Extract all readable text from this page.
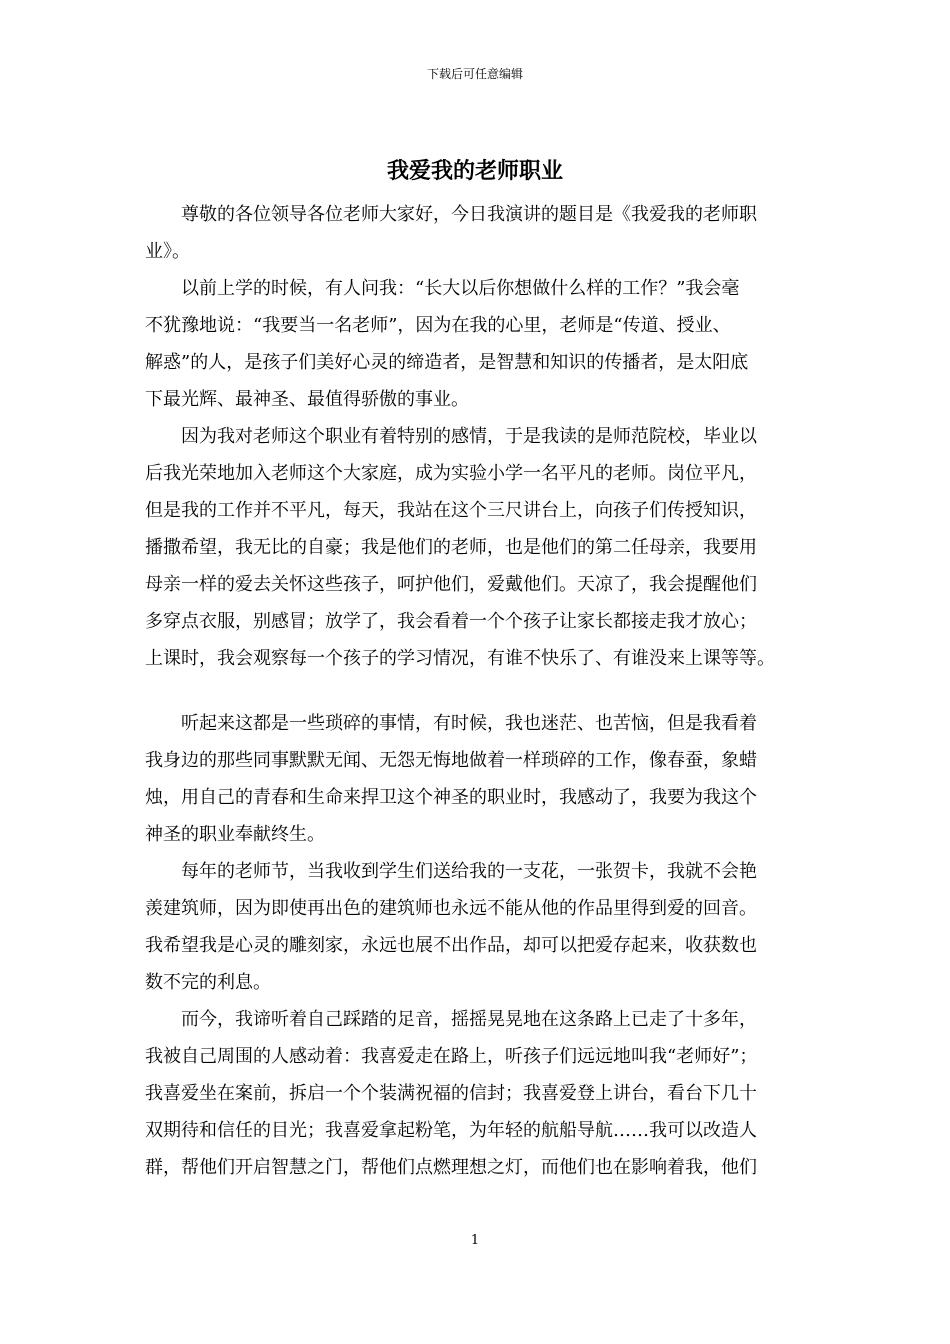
下载后可任意编辑
我爱我的老师职业

尊敬的各位领导各位老师大家好，今日我演讲的题目是《我爱我的老师职
业》。

以前上学的时候，有人问我：“长大以后你想做什么样的工作？”我会毫
不犹豫地说：“我要当一名老师”，因为在我的心里，老师是“传道、授业、
解惑”的人，是孩子们美好心灵的缔造者，是智慧和知识的传播者，是太阳底
下最光辉、最神圣、最值得骄傲的事业。

因为我对老师这个职业有着特别的感情，于是我读的是师范院校，毕业以
后我光荣地加入老师这个大家庭，成为实验小学一名平凡的老师。岗位平凡，
但是我的工作并不平凡，每天，我站在这个三尺讲台上，向孩子们传授知识，
播撒希望，我无比的自豪；我是他们的老师，也是他们的第二任母亲，我要用
母亲一样的爱去关怀这些孩子，呵护他们，爱戴他们。天凉了，我会提醒他们
多穿点衣服，别感冒；放学了，我会看着一个个孩子让家长都接走我才放心；
上课时，我会观察每一个孩子的学习情况，有谁不快乐了、有谁没来上课等等。

听起来这都是一些琐碎的事情，有时候，我也迷茫、也苦恼，但是我看着
我身边的那些同事默默无闻、无怨无悔地做着一样琐碎的工作，像春蚕，象蜡
烛，用自己的青春和生命来捍卫这个神圣的职业时，我感动了，我要为我这个
神圣的职业奉献终生。

每年的老师节，当我收到学生们送给我的一支花，一张贺卡，我就不会艳
羡建筑师，因为即使再出色的建筑师也永远不能从他的作品里得到爱的回音。
我希望我是心灵的雕刻家，永远也展不出作品，却可以把爱存起来，收获数也
数不完的利息。

而今，我谛听着自己踩踏的足音，摇摇晃晃地在这条路上已走了十多年，
我被自己周围的人感动着：我喜爱走在路上，听孩子们远远地叫我“老师好”；
我喜爱坐在案前，拆启一个个装满祝福的信封；我喜爱登上讲台，看台下几十
双期待和信任的目光；我喜爱拿起粉笔，为年轻的航船导航……我可以改造人
群，帮他们开启智慧之门，帮他们点燃理想之灯，而他们也在影响着我，他们

1
